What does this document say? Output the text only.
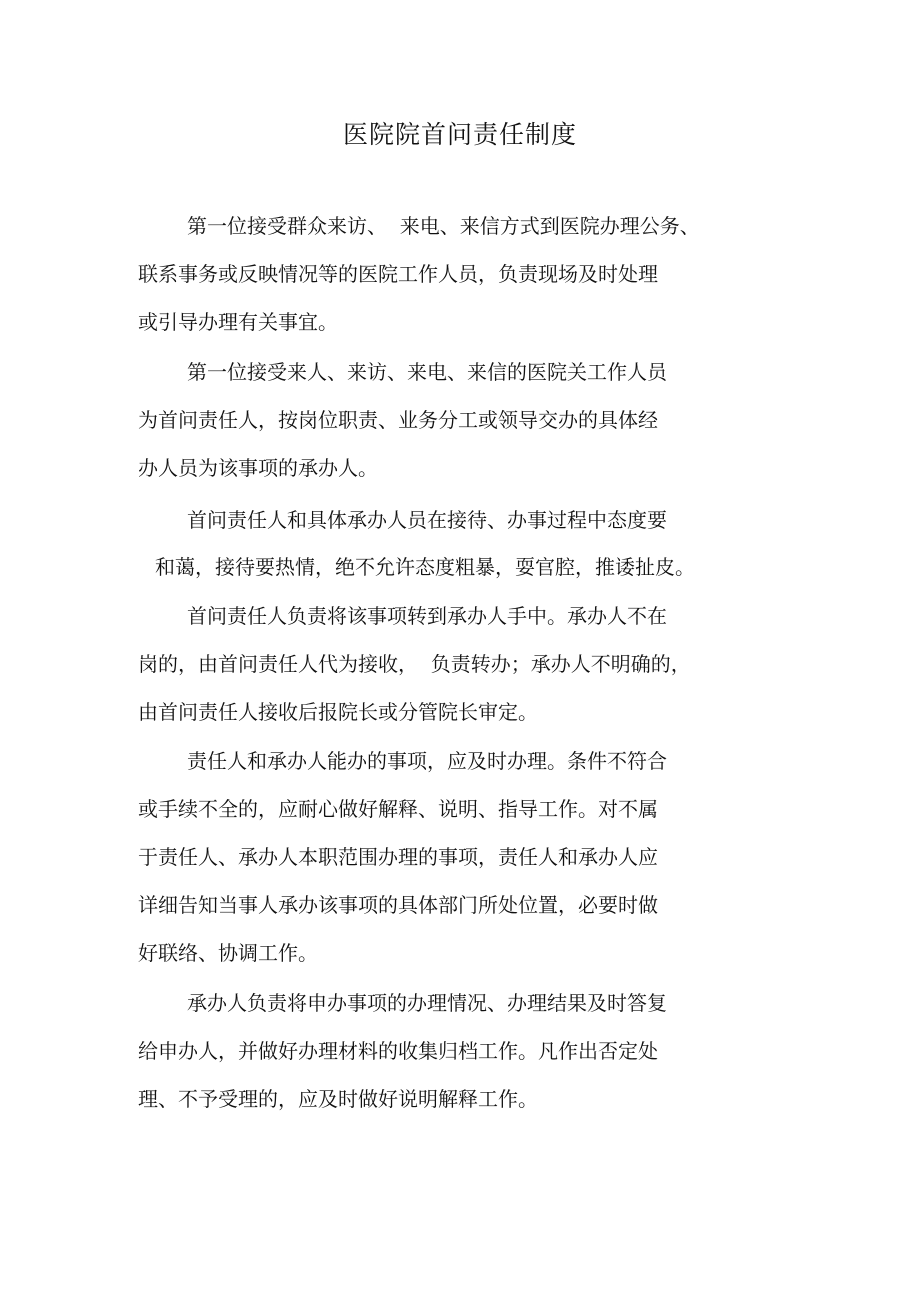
医院院首问责任制度

第一位接受群众来访、  来电、来信方式到医院办理公务、

联系事务或反映情况等的医院工作人员，负责现场及时处理

或引导办理有关事宜。

第一位接受来人、来访、来电、来信的医院关工作人员

为首问责任人，按岗位职责、业务分工或领导交办的具体经

办人员为该事项的承办人。

首问责任人和具体承办人员在接待、办事过程中态度要

和蔼，接待要热情，绝不允许态度粗暴，耍官腔，推诿扯皮。

首问责任人负责将该事项转到承办人手中。承办人不在

岗的，由首问责任人代为接收，  负责转办；承办人不明确的，

由首问责任人接收后报院长或分管院长审定。

责任人和承办人能办的事项，应及时办理。条件不符合

或手续不全的，应耐心做好解释、说明、指导工作。对不属

于责任人、承办人本职范围办理的事项，责任人和承办人应

详细告知当事人承办该事项的具体部门所处位置，必要时做

好联络、协调工作。

承办人负责将申办事项的办理情况、办理结果及时答复

给申办人，并做好办理材料的收集归档工作。凡作出否定处

理、不予受理的，应及时做好说明解释工作。
